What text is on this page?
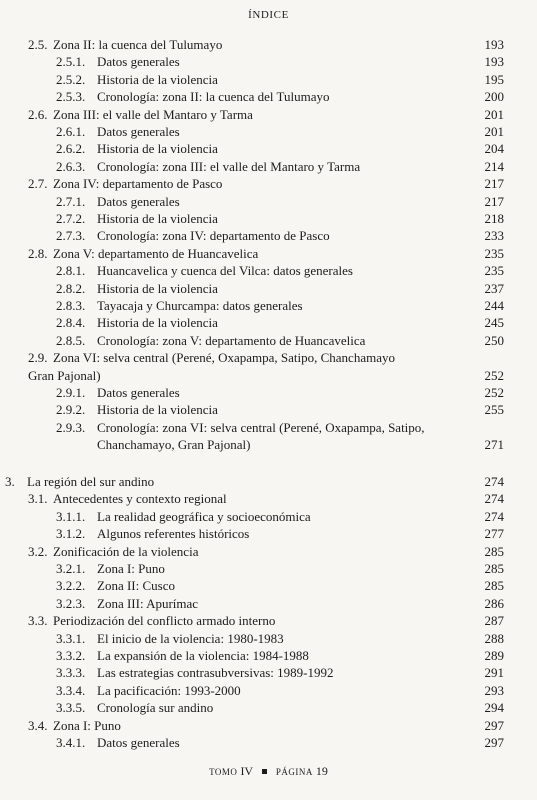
ÍNDICE
2.5. Zona II: la cuenca del Tulumayo	193
2.5.1. Datos generales	193
2.5.2. Historia de la violencia	195
2.5.3. Cronología: zona II: la cuenca del Tulumayo	200
2.6. Zona III: el valle del Mantaro y Tarma	201
2.6.1. Datos generales	201
2.6.2. Historia de la violencia	204
2.6.3. Cronología: zona III: el valle del Mantaro y Tarma	214
2.7. Zona IV: departamento de Pasco	217
2.7.1. Datos generales	217
2.7.2. Historia de la violencia	218
2.7.3. Cronología: zona IV: departamento de Pasco	233
2.8. Zona V: departamento de Huancavelica	235
2.8.1. Huancavelica y cuenca del Vilca: datos generales	235
2.8.2. Historia de la violencia	237
2.8.3. Tayacaja y Churcampa: datos generales	244
2.8.4. Historia de la violencia	245
2.8.5. Cronología: zona V: departamento de Huancavelica	250
2.9. Zona VI: selva central (Perené, Oxapampa, Satipo, Chanchamayo
Gran Pajonal)	252
2.9.1. Datos generales	252
2.9.2. Historia de la violencia	255
2.9.3. Cronología: zona VI: selva central (Perené, Oxapampa, Satipo,
Chanchamayo, Gran Pajonal)	271
3. La región del sur andino	274
3.1. Antecedentes y contexto regional	274
3.1.1. La realidad geográfica y socioeconómica	274
3.1.2. Algunos referentes históricos	277
3.2. Zonificación de la violencia	285
3.2.1. Zona I: Puno	285
3.2.2. Zona II: Cusco	285
3.2.3. Zona III: Apurímac	286
3.3. Periodización del conflicto armado interno	287
3.3.1. El inicio de la violencia: 1980-1983	288
3.3.2. La expansión de la violencia: 1984-1988	289
3.3.3. Las estrategias contrasubversivas: 1989-1992	291
3.3.4. La pacificación: 1993-2000	293
3.3.5. Cronología sur andino	294
3.4. Zona I: Puno	297
3.4.1. Datos generales	297
TOMO IV	PÁGINA 19
